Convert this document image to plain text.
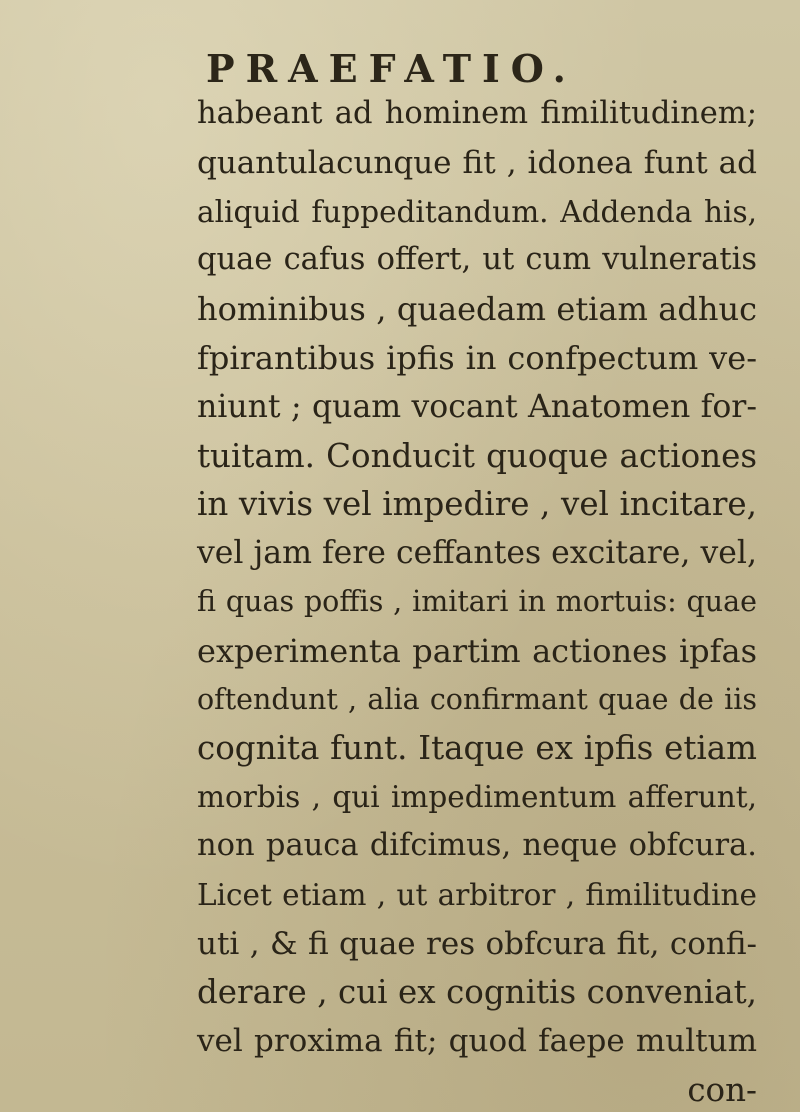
PRAEFATIO.
habeant ad hominem fimilitudinem;
quantulacunque fit , idonea funt ad
aliquid fuppeditandum. Addenda his,
quae cafus offert, ut cum vulneratis
hominibus , quaedam etiam adhuc
fpirantibus ipfis in confpectum ve-
niunt ; quam vocant Anatomen for-
tuitam. Conducit quoque actiones
in vivis vel impedire , vel incitare,
vel jam fere ceffantes excitare, vel,
fi quas poffis , imitari in mortuis: quae
experimenta partim actiones ipfas
oftendunt , alia confirmant quae de iis
cognita funt. Itaque ex ipfis etiam
morbis , qui impedimentum afferunt,
non pauca difcimus, neque obfcura.
Licet etiam , ut arbitror , fimilitudine
uti , & fi quae res obfcura fit, confi-
derare , cui ex cognitis conveniat,
vel proxima fit; quod faepe multum
con-
